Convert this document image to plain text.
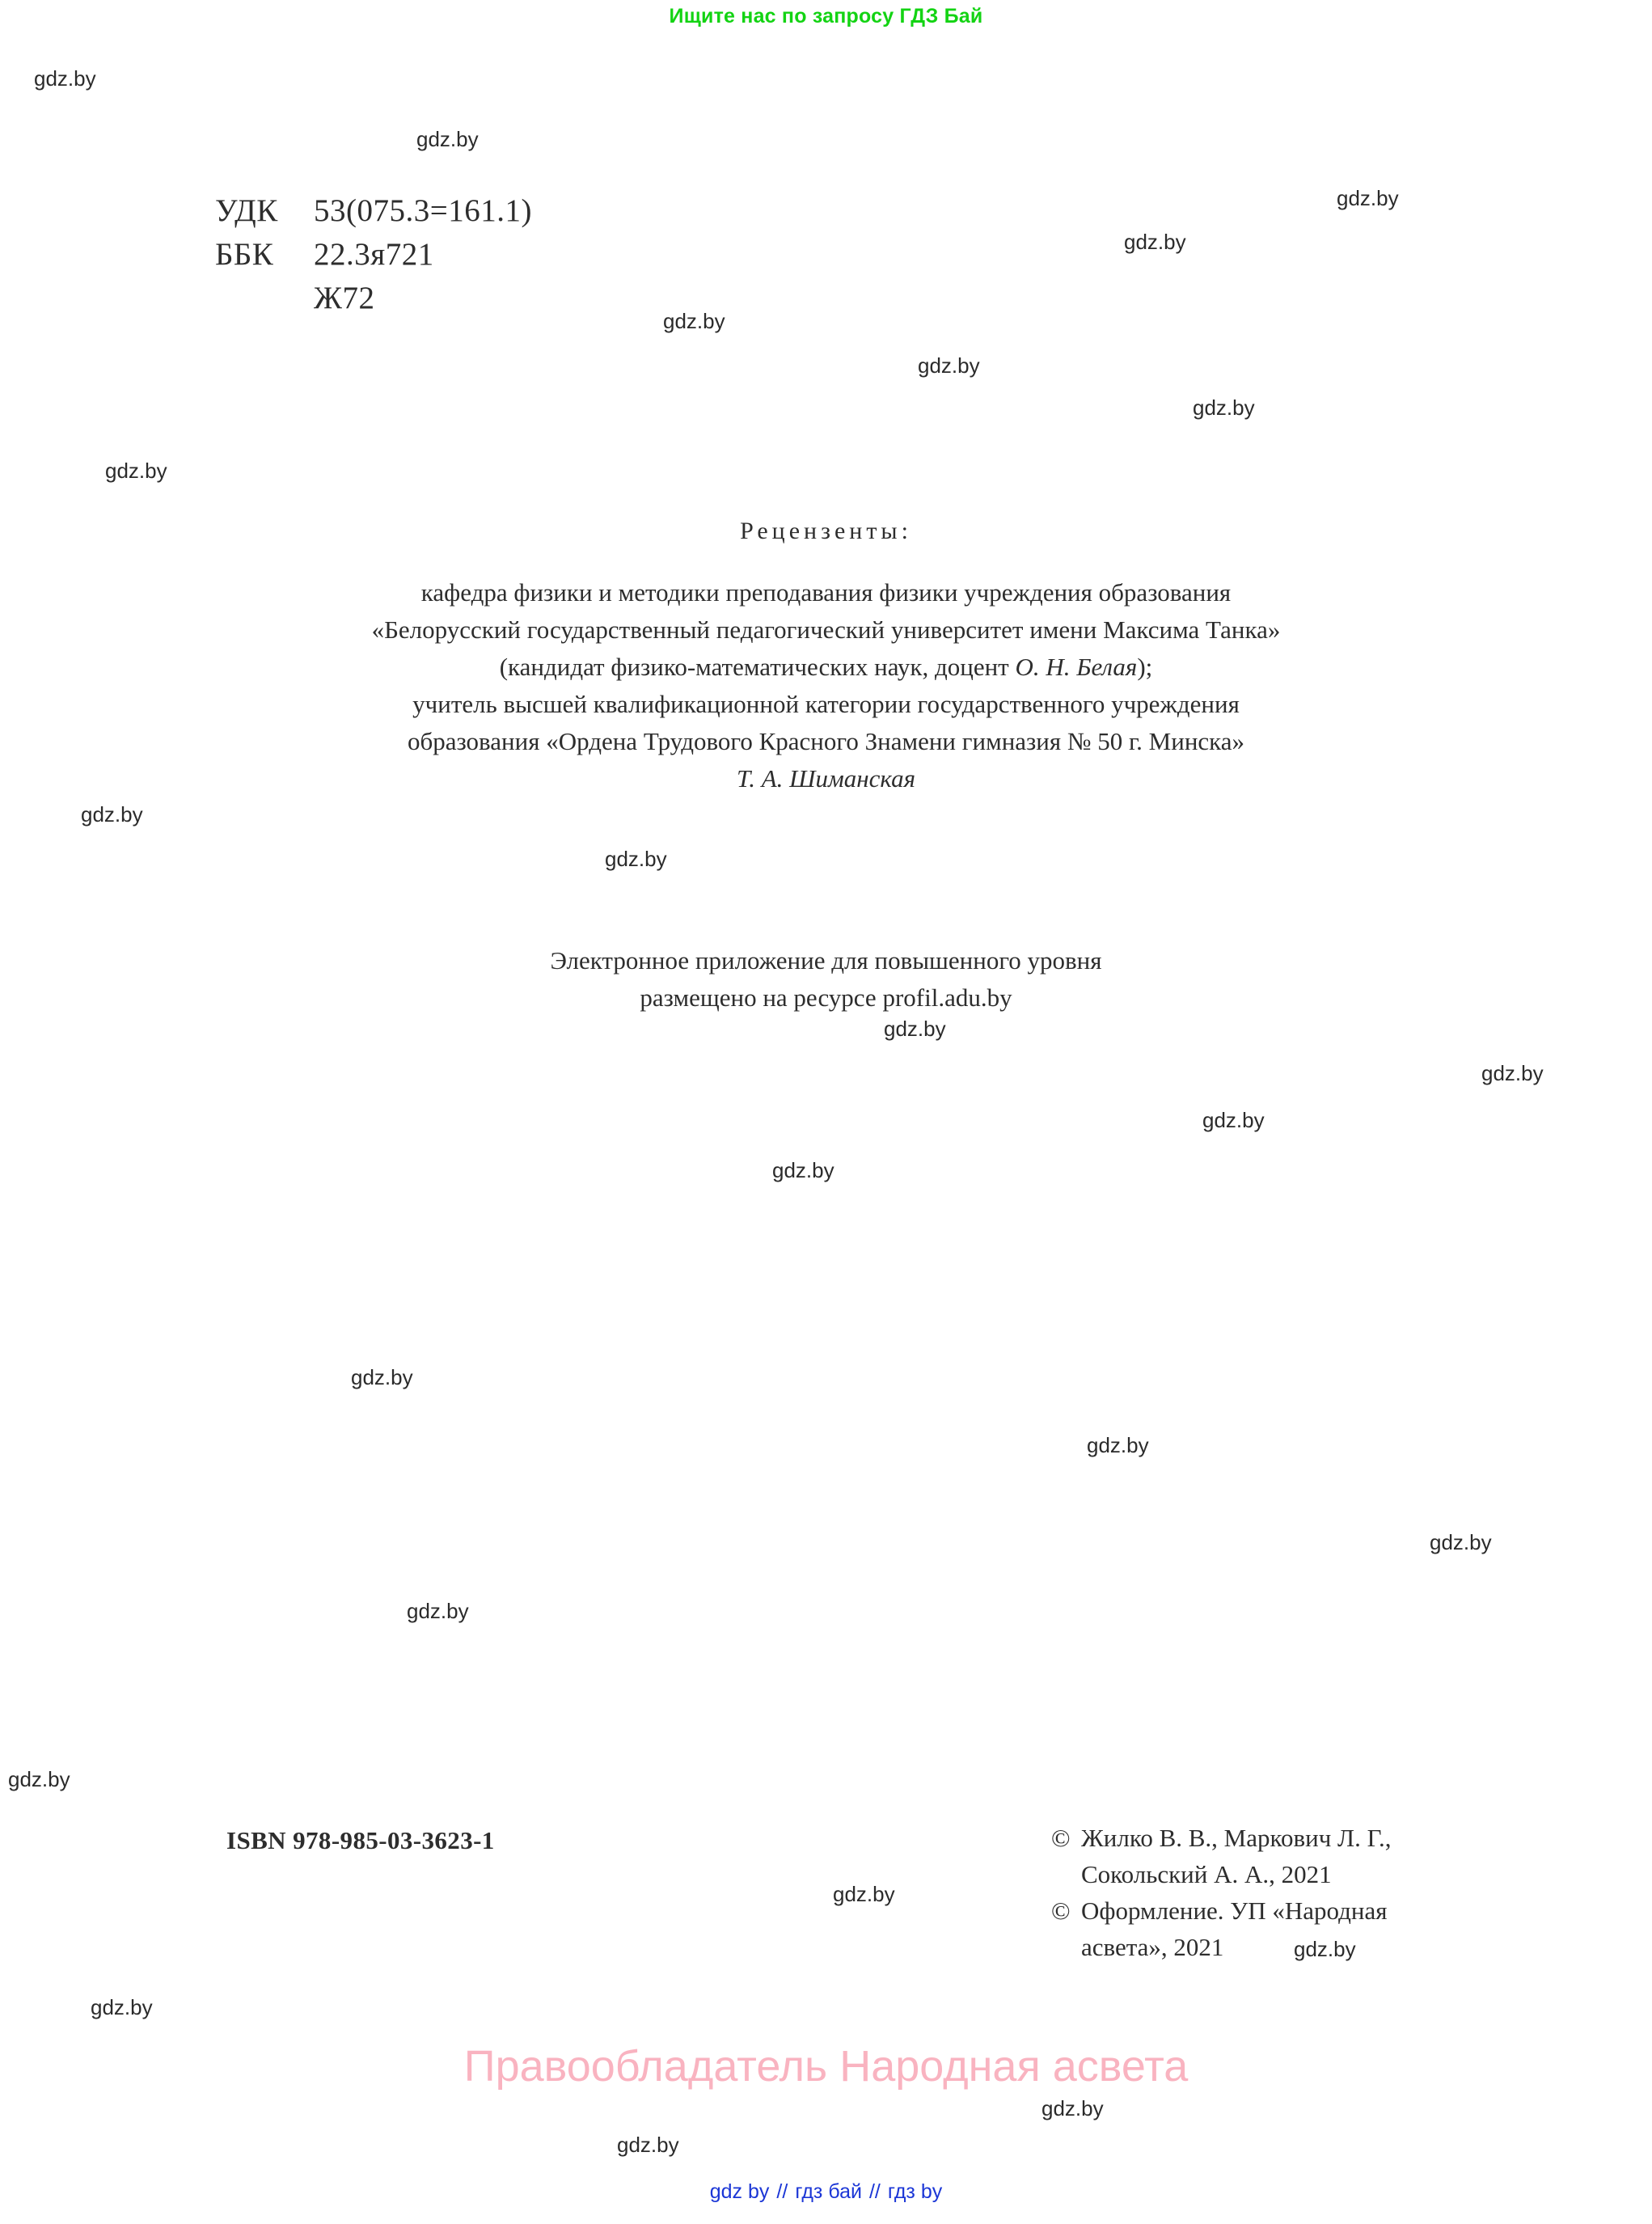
Ищите нас по запросу ГДЗ Бай
gdz.by
gdz.by
gdz.by
gdz.by
gdz.by
gdz.by
gdz.by
gdz.by
gdz.by
gdz.by
gdz.by
gdz.by
gdz.by
gdz.by
gdz.by
gdz.by
gdz.by
gdz.by
gdz.by
gdz.by
gdz.by
gdz.by
gdz.by
gdz.by
УДК 53(075.3=161.1)
ББК 22.3я721
Ж72
Рецензенты:
кафедра физики и методики преподавания физики учреждения образования
«Белорусский государственный педагогический университет имени Максима Танка»
(кандидат физико-математических наук, доцент О. Н. Белая);
учитель высшей квалификационной категории государственного учреждения
образования «Ордена Трудового Красного Знамени гимназия № 50 г. Минска»
Т. А. Шиманская
Электронное приложение для повышенного уровня
размещено на ресурсе profil.adu.by
ISBN 978-985-03-3623-1	© Жилко В. В., Маркович Л. Г.,
Сокольский А. А., 2021
© Оформление. УП «Народная
асвета», 2021
Правообладатель Народная асвета
gdz by // гдз бай // гдз by
